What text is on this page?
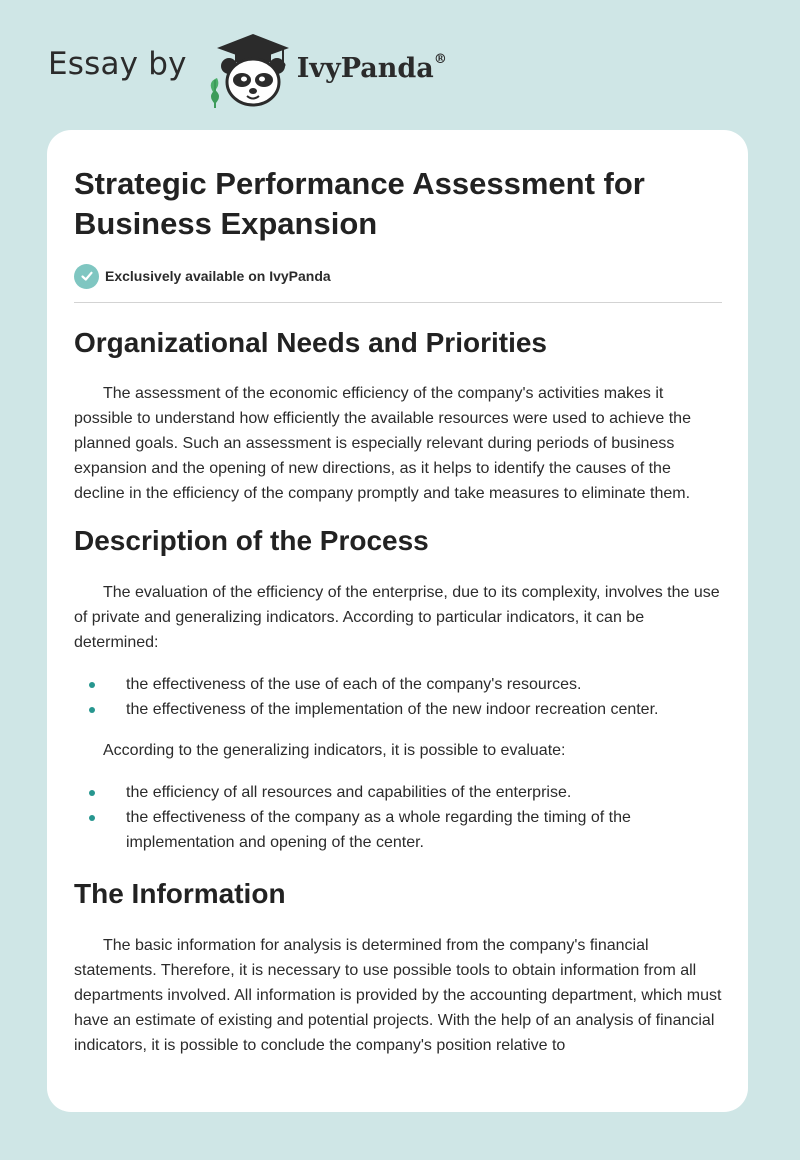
Essay by	IvyPanda®
Strategic Performance Assessment for Business Expansion
Exclusively available on IvyPanda
Organizational Needs and Priorities

The assessment of the economic efficiency of the company's activities makes it possible to understand how efficiently the available resources were used to achieve the planned goals. Such an assessment is especially relevant during periods of business expansion and the opening of new directions, as it helps to identify the causes of the decline in the efficiency of the company promptly and take measures to eliminate them.

Description of the Process

The evaluation of the efficiency of the enterprise, due to its complexity, involves the use of private and generalizing indicators. According to particular indicators, it can be determined:

the effectiveness of the use of each of the company's resources.
the effectiveness of the implementation of the new indoor recreation center.

According to the generalizing indicators, it is possible to evaluate:

the efficiency of all resources and capabilities of the enterprise.
the effectiveness of the company as a whole regarding the timing of the implementation and opening of the center.
The Information

The basic information for analysis is determined from the company's financial statements. Therefore, it is necessary to use possible tools to obtain information from all departments involved. All information is provided by the accounting department, which must have an estimate of existing and potential projects. With the help of an analysis of financial indicators, it is possible to conclude the company's position relative to
